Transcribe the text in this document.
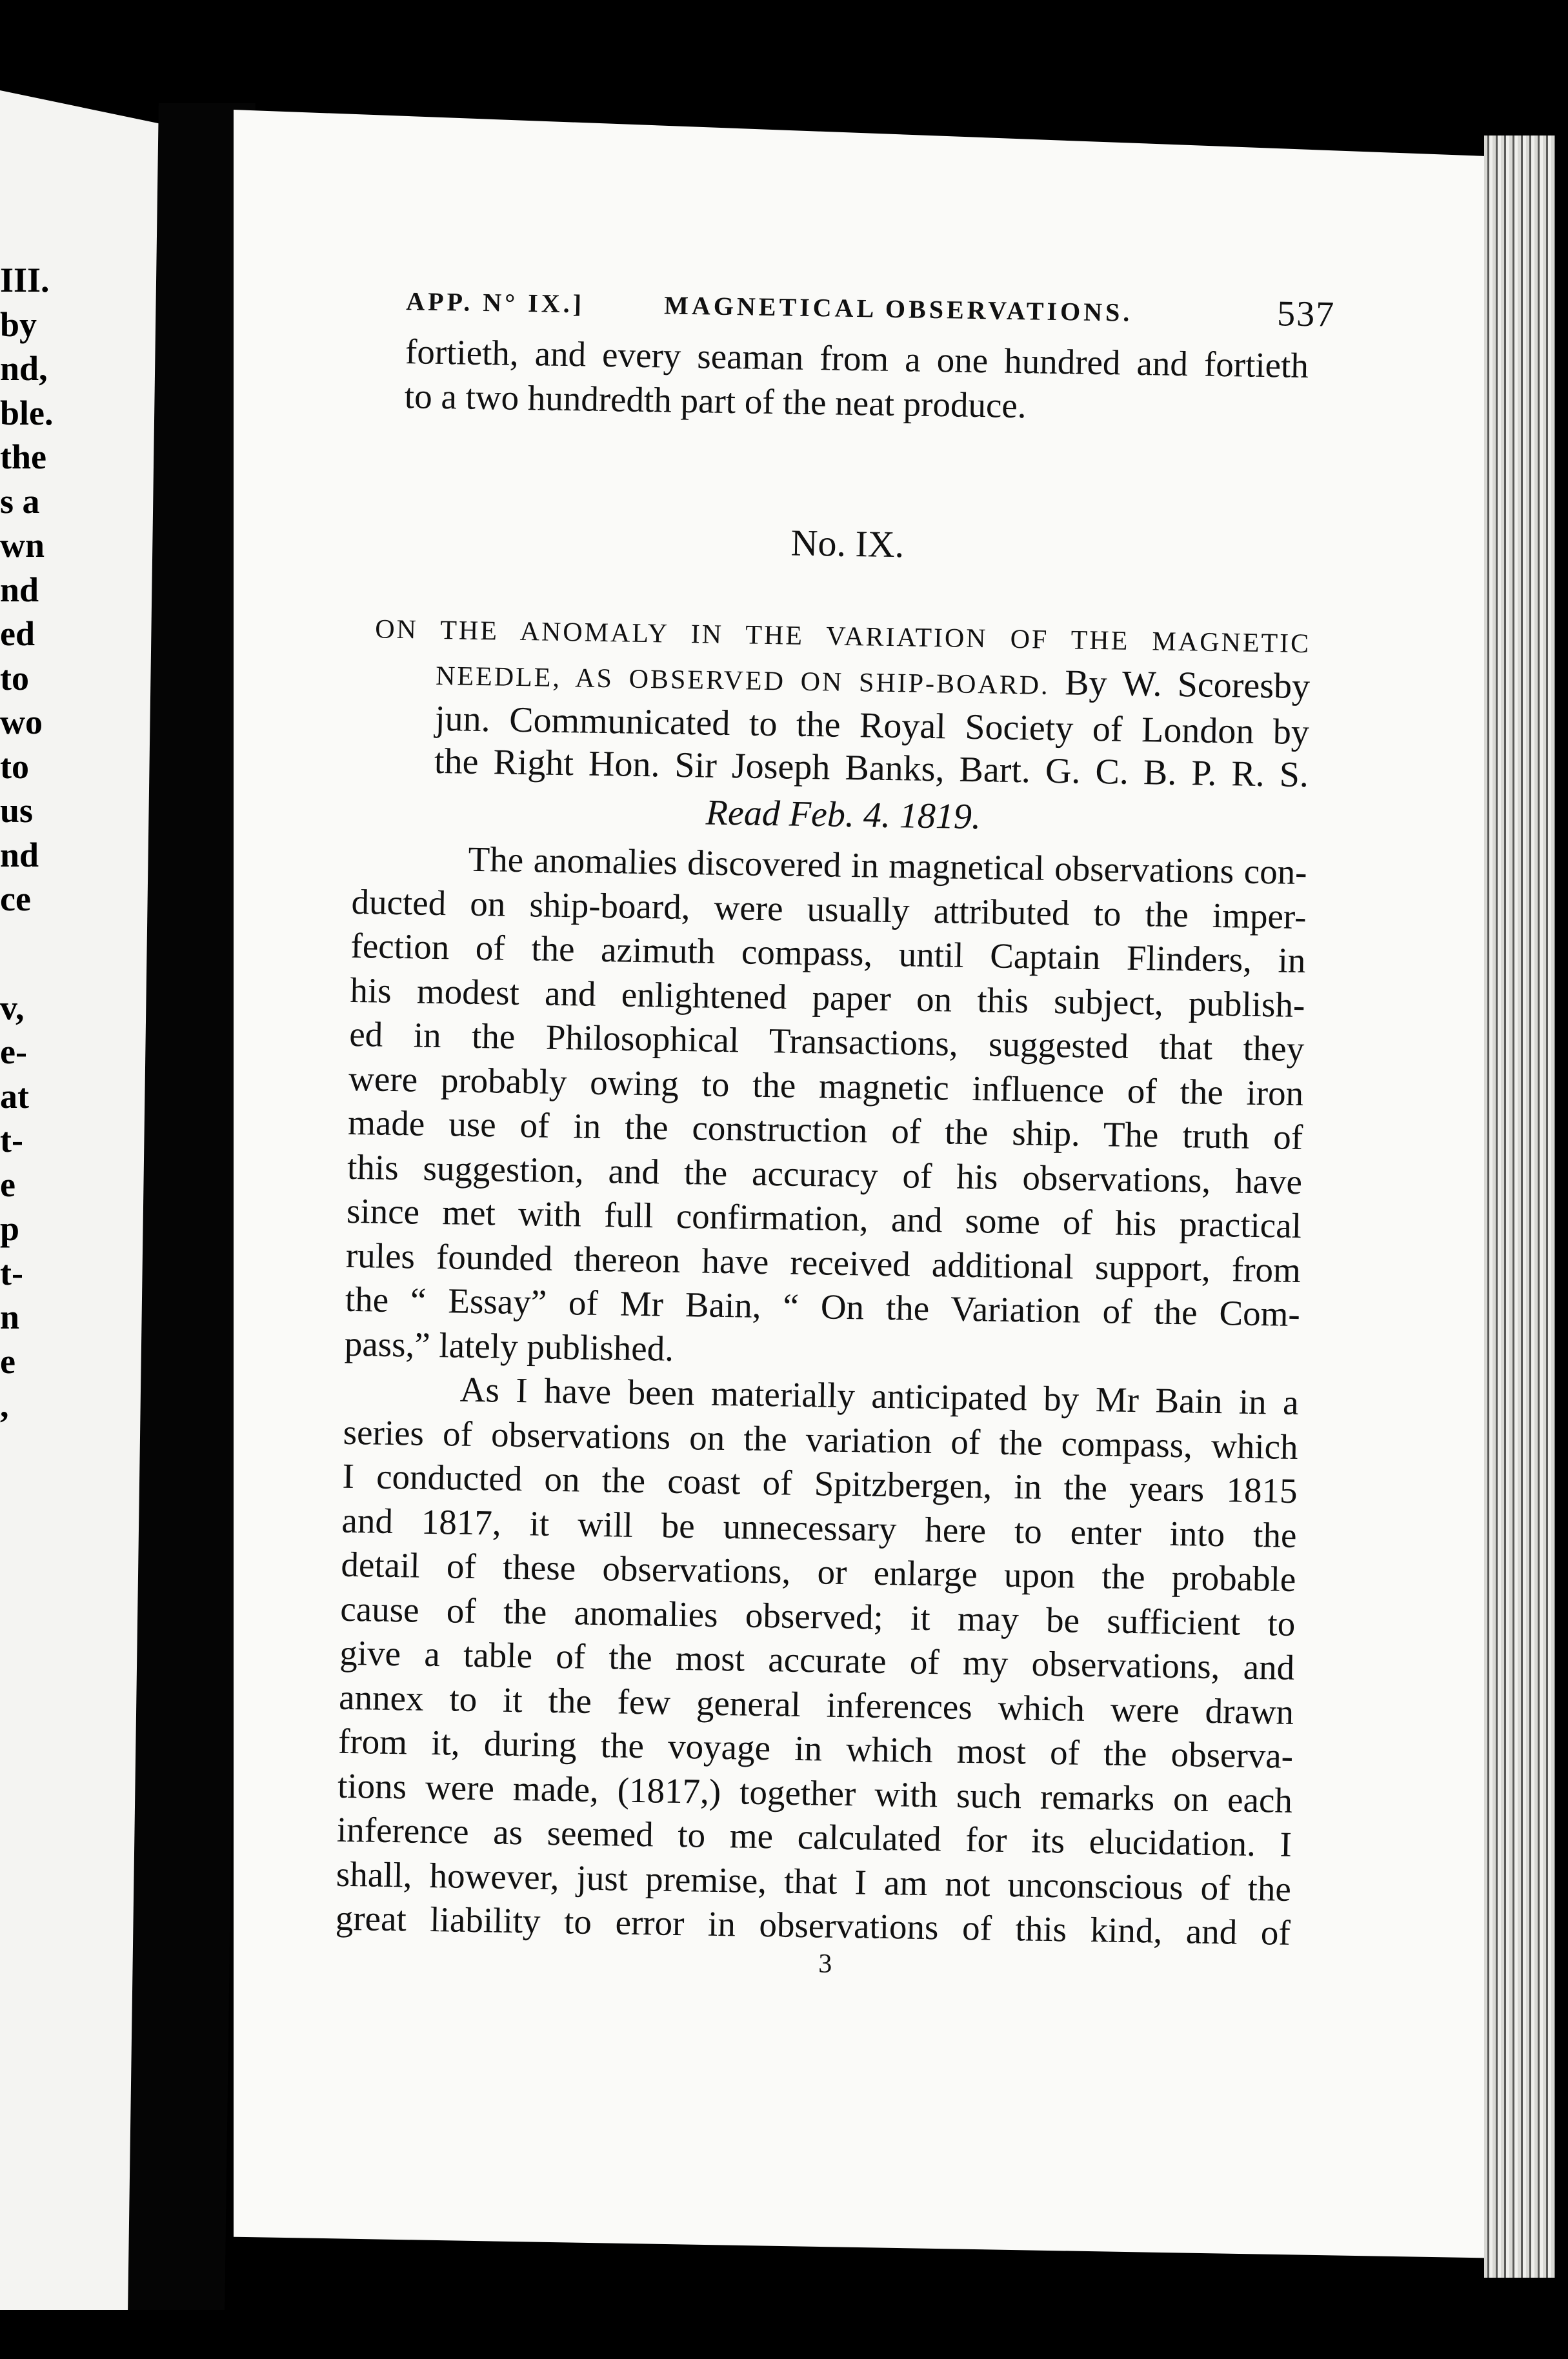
III.
by
nd,
ble.
the
s a
wn
nd
ed
to
wo
to
us
nd
ce
v,
e-
at
t-
e
p
t-
n
e
,
APP. N° IX.]	MAGNETICAL OBSERVATIONS.	537
fortieth, and every seaman from a one hundred and fortieth
to a two hundredth part of the neat produce.
No. IX.
ON THE ANOMALY IN THE VARIATION OF THE MAGNETIC
NEEDLE, AS OBSERVED ON SHIP-BOARD. By W. Scoresby
jun. Communicated to the Royal Society of London by
the Right Hon. Sir Joseph Banks, Bart. G. C. B. P. R. S.
Read Feb. 4. 1819.
The anomalies discovered in magnetical observations con-
ducted on ship-board, were usually attributed to the imper-
fection of the azimuth compass, until Captain Flinders, in
his modest and enlightened paper on this subject, publish-
ed in the Philosophical Transactions, suggested that they
were probably owing to the magnetic influence of the iron
made use of in the construction of the ship. The truth of
this suggestion, and the accuracy of his observations, have
since met with full confirmation, and some of his practical
rules founded thereon have received additional support, from
the “ Essay” of Mr Bain, “ On the Variation of the Com-
pass,” lately published.
As I have been materially anticipated by Mr Bain in a
series of observations on the variation of the compass, which
I conducted on the coast of Spitzbergen, in the years 1815
and 1817, it will be unnecessary here to enter into the
detail of these observations, or enlarge upon the probable
cause of the anomalies observed; it may be sufficient to
give a table of the most accurate of my observations, and
annex to it the few general inferences which were drawn
from it, during the voyage in which most of the observa-
tions were made, (1817,) together with such remarks on each
inference as seemed to me calculated for its elucidation. I
shall, however, just premise, that I am not unconscious of the
great liability to error in observations of this kind, and of
3
